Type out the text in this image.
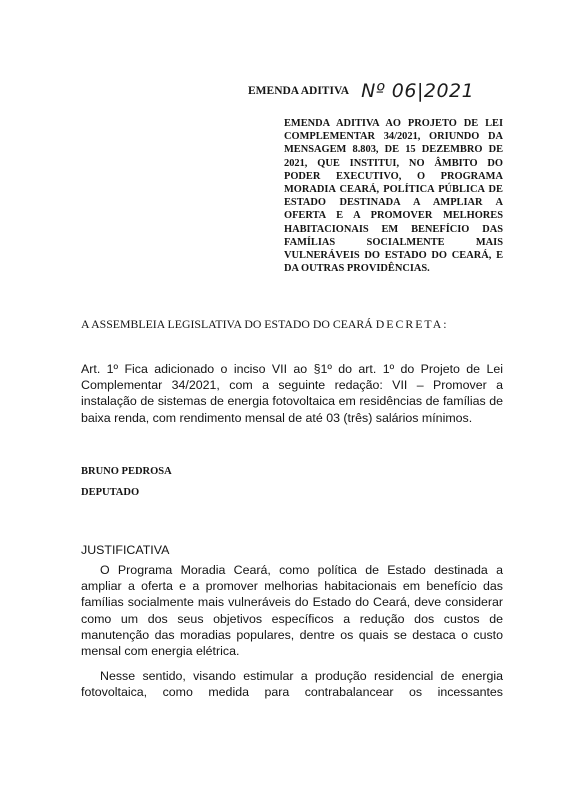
EMENDA ADITIVA Nº 06|2021

EMENDA ADITIVA AO PROJETO DE LEI
COMPLEMENTAR 34/2021, ORIUNDO DA
MENSAGEM 8.803, DE 15 DEZEMBRO DE
2021, QUE INSTITUI, NO ÂMBITO DO
PODER EXECUTIVO, O PROGRAMA
MORADIA CEARÁ, POLÍTICA PÚBLICA DE
ESTADO DESTINADA A AMPLIAR A
OFERTA E A PROMOVER MELHORES
HABITACIONAIS EM BENEFÍCIO DAS
FAMÍLIAS SOCIALMENTE MAIS
VULNERÁVEIS DO ESTADO DO CEARÁ, E
DA OUTRAS PROVIDÊNCIAS.

A ASSEMBLEIA LEGISLATIVA DO ESTADO DO CEARÁ DECRETA:

Art. 1º Fica adicionado o inciso VII ao §1º do art. 1º do Projeto de Lei
Complementar 34/2021, com a seguinte redação: VII – Promover a
instalação de sistemas de energia fotovoltaica em residências de famílias de
baixa renda, com rendimento mensal de até 03 (três) salários mínimos.

BRUNO PEDROSA

DEPUTADO

JUSTIFICATIVA

O Programa Moradia Ceará, como política de Estado destinada a
ampliar a oferta e a promover melhorias habitacionais em benefício das
famílias socialmente mais vulneráveis do Estado do Ceará, deve considerar
como um dos seus objetivos específicos a redução dos custos de
manutenção das moradias populares, dentre os quais se destaca o custo
mensal com energia elétrica.

Nesse sentido, visando estimular a produção residencial de energia
fotovoltaica, como medida para contrabalancear os incessantes
